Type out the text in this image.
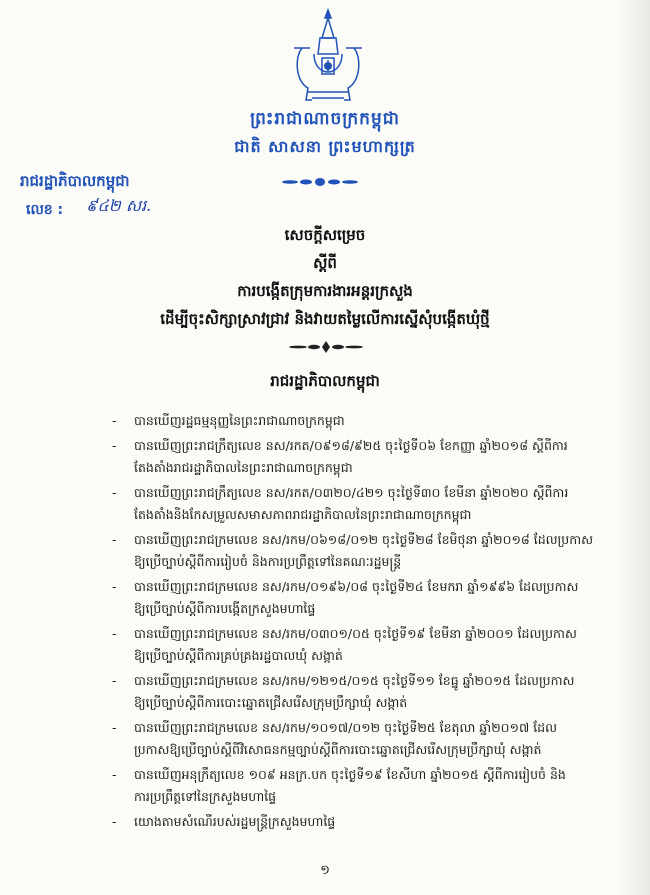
ព្រះរាជាណាចក្រកម្ពុជា
ជាតិ សាសនា ព្រះមហាក្សត្រ
រាជរដ្ឋាភិបាលកម្ពុជា
លេខ : ៩៤២ សរ.
សេចក្តីសម្រេច
ស្តីពី
ការបង្កើតក្រុមការងារអន្តរក្រសួង
ដើម្បីចុះសិក្សាស្រាវជ្រាវ និងវាយតម្លៃលើការស្នើសុំបង្កើតឃុំថ្មី
រាជរដ្ឋាភិបាលកម្ពុជា
- បានឃើញរដ្ឋធម្មនុញ្ញនៃព្រះរាជាណាចក្រកម្ពុជា
- បានឃើញព្រះរាជក្រឹត្យលេខ នស/រកត/០៩១៨/៩២៥ ចុះថ្ងៃទី០៦ ខែកញ្ញា ឆ្នាំ២០១៨ ស្តីពីការ
តែងតាំងរាជរដ្ឋាភិបាលនៃព្រះរាជាណាចក្រកម្ពុជា
- បានឃើញព្រះរាជក្រឹត្យលេខ នស/រកត/០៣២០/៤២១ ចុះថ្ងៃទី៣០ ខែមីនា ឆ្នាំ២០២០ ស្តីពីការ
តែងតាំងនិងកែសម្រួលសមាសភាពរាជរដ្ឋាភិបាលនៃព្រះរាជាណាចក្រកម្ពុជា
- បានឃើញព្រះរាជក្រមលេខ នស/រកម/០៦១៨/០១២ ចុះថ្ងៃទី២៨ ខែមិថុនា ឆ្នាំ២០១៨ ដែលប្រកាស
ឱ្យប្រើច្បាប់ស្តីពីការរៀបចំ និងការប្រព្រឹត្តទៅនៃគណៈរដ្ឋមន្ត្រី
- បានឃើញព្រះរាជក្រមលេខ នស/រកម/០១៩៦/០៨ ចុះថ្ងៃទី២៤ ខែមករា ឆ្នាំ១៩៩៦ ដែលប្រកាស
ឱ្យប្រើច្បាប់ស្តីពីការបង្កើតក្រសួងមហាផ្ទៃ
- បានឃើញព្រះរាជក្រមលេខ នស/រកម/០៣០១/០៥ ចុះថ្ងៃទី១៩ ខែមីនា ឆ្នាំ២០០១ ដែលប្រកាស
ឱ្យប្រើច្បាប់ស្តីពីការគ្រប់គ្រងរដ្ឋបាលឃុំ សង្កាត់
- បានឃើញព្រះរាជក្រមលេខ នស/រកម/១២១៥/០១៥ ចុះថ្ងៃទី១១ ខែធ្នូ ឆ្នាំ២០១៥ ដែលប្រកាស
ឱ្យប្រើច្បាប់ស្តីពីការបោះឆ្នោតជ្រើសរើសក្រុមប្រឹក្សាឃុំ សង្កាត់
- បានឃើញព្រះរាជក្រមលេខ នស/រកម/១០១៧/០១២ ចុះថ្ងៃទី២៥ ខែតុលា ឆ្នាំ២០១៧ ដែល
ប្រកាសឱ្យប្រើច្បាប់ស្តីពីវិសោធនកម្មច្បាប់ស្តីពីការបោះឆ្នោតជ្រើសរើសក្រុមប្រឹក្សាឃុំ សង្កាត់
- បានឃើញអនុក្រឹត្យលេខ ១០៩ អនក្រ.បក ចុះថ្ងៃទី១៩ ខែសីហា ឆ្នាំ២០១៥ ស្តីពីការរៀបចំ និង
ការប្រព្រឹត្តទៅនៃក្រសួងមហាផ្ទៃ
- យោងតាមសំណើរបស់រដ្ឋមន្ត្រីក្រសួងមហាផ្ទៃ
១
